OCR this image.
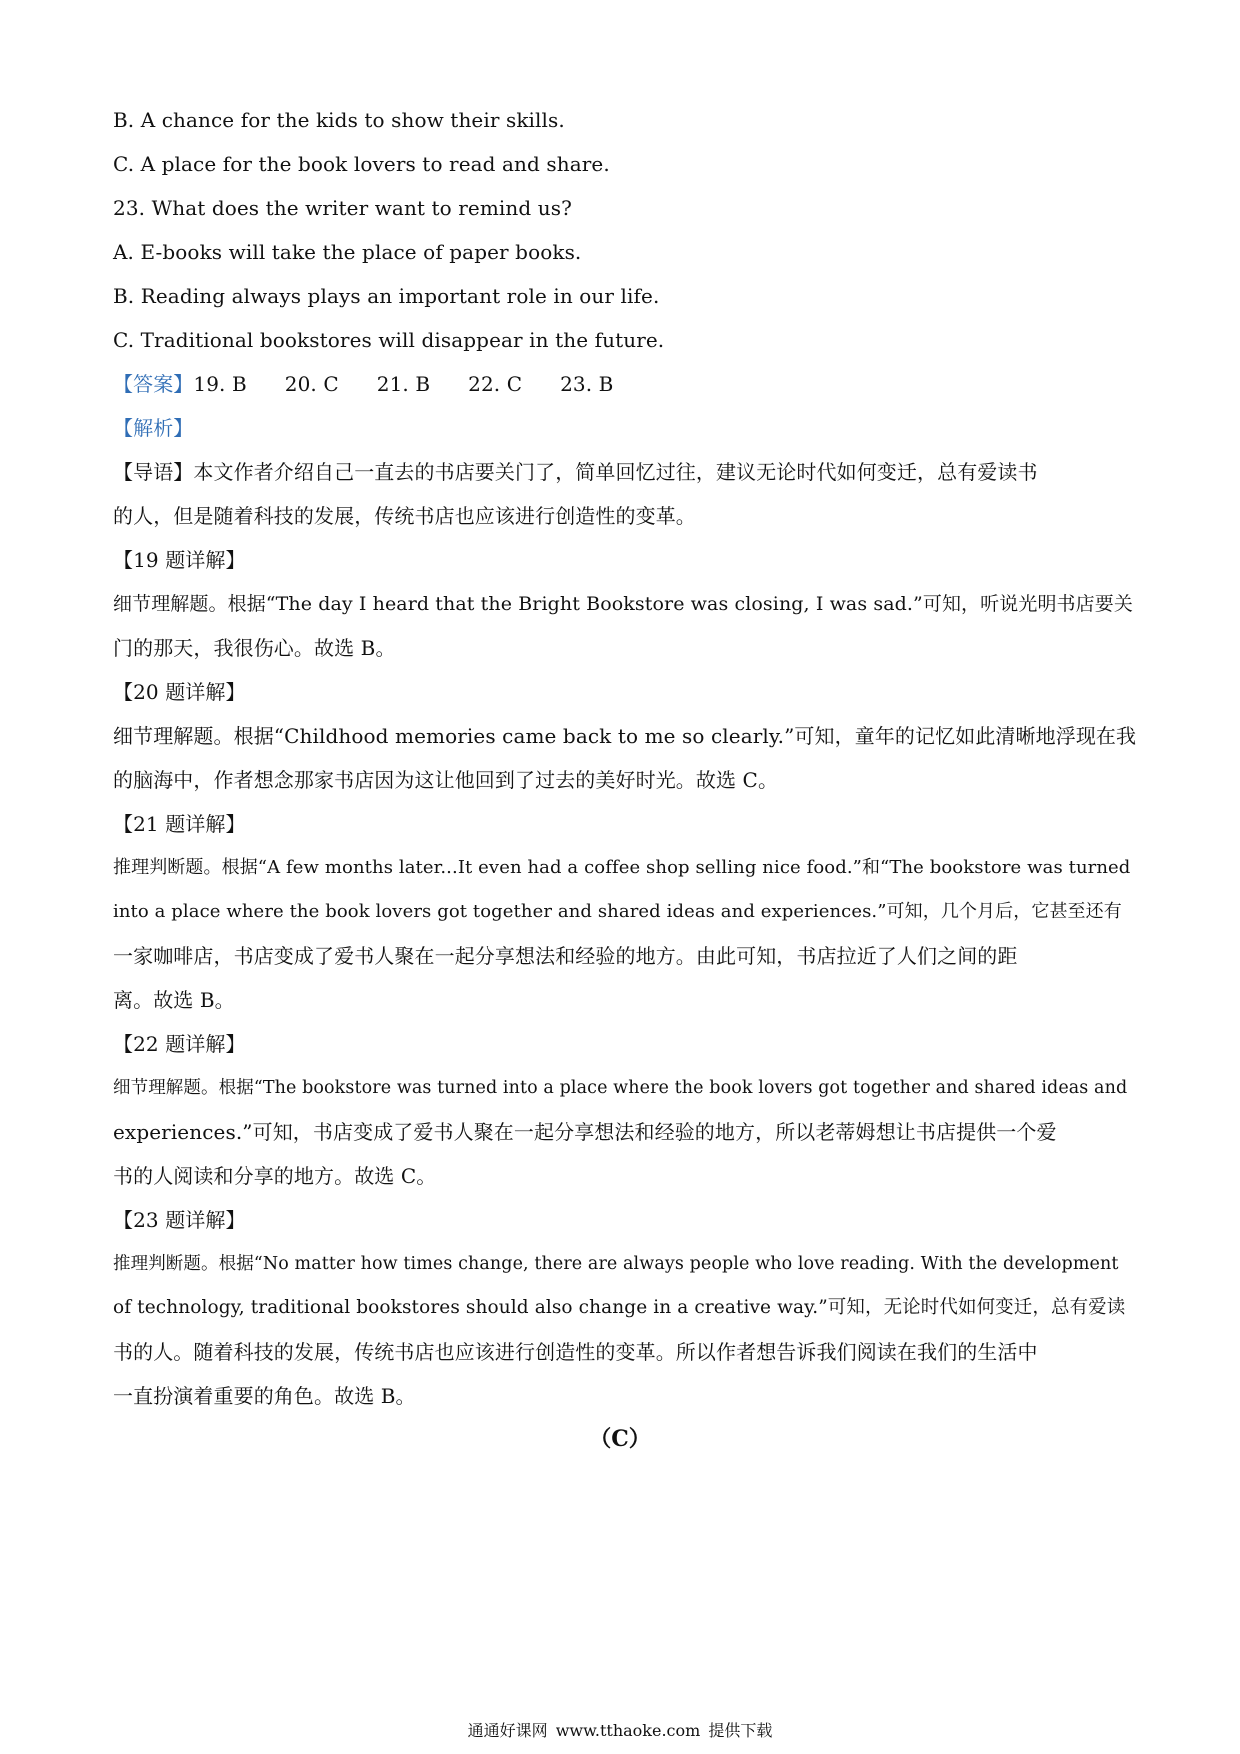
B. A chance for the kids to show their skills.
C. A place for the book lovers to read and share.
23. What does the writer want to remind us?
A. E-books will take the place of paper books.
B. Reading always plays an important role in our life.
C. Traditional bookstores will disappear in the future.
【答案】19. B 20. C 21. B 22. C 23. B
【解析】
【导语】本文作者介绍自己一直去的书店要关门了，简单回忆过往，建议无论时代如何变迁，总有爱读书
的人，但是随着科技的发展，传统书店也应该进行创造性的变革。
【19 题详解】
细节理解题。根据“The day I heard that the Bright Bookstore was closing, I was sad.”可知，听说光明书店要关
门的那天，我很伤心。故选 B。
【20 题详解】
细节理解题。根据“Childhood memories came back to me so clearly.”可知，童年的记忆如此清晰地浮现在我
的脑海中，作者想念那家书店因为这让他回到了过去的美好时光。故选 C。
【21 题详解】
推理判断题。根据“A few months later...It even had a coffee shop selling nice food.”和“The bookstore was turned
into a place where the book lovers got together and shared ideas and experiences.”可知，几个月后，它甚至还有
一家咖啡店，书店变成了爱书人聚在一起分享想法和经验的地方。由此可知，书店拉近了人们之间的距
离。故选 B。
【22 题详解】
细节理解题。根据“The bookstore was turned into a place where the book lovers got together and shared ideas and
experiences.”可知，书店变成了爱书人聚在一起分享想法和经验的地方，所以老蒂姆想让书店提供一个爱
书的人阅读和分享的地方。故选 C。
【23 题详解】
推理判断题。根据“No matter how times change, there are always people who love reading. With the development
of technology, traditional bookstores should also change in a creative way.”可知，无论时代如何变迁，总有爱读
书的人。随着科技的发展，传统书店也应该进行创造性的变革。所以作者想告诉我们阅读在我们的生活中
一直扮演着重要的角色。故选 B。
（C）
通通好课网 www.tthaoke.com 提供下载
